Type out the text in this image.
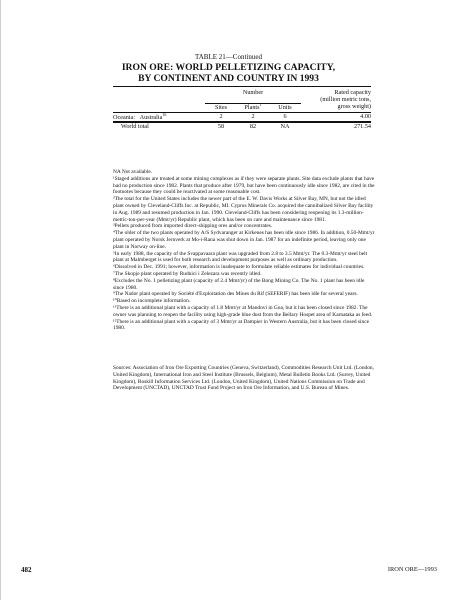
TABLE 21—Continued
IRON ORE: WORLD PELLETIZING CAPACITY,
BY CONTINENT AND COUNTRY IN 1993
	Number			Rated capacity

				(million metric tons,
	Sites	Plants$^1$	Units	gross weight)
Oceania: Australia$^{16}$	2	2	6	4.00
World total	58	82	NA	271.54

NA Not available.

¹Staged additions are treated at some mining complexes as if they were separate plants. Site data exclude plants that have had no production since 1982. Plants that produce after 1979, but have been continuously idle since 1982, are cited in the footnotes because they could be reactivated at some reasonable cost.

²The total for the United States includes the newer part of the E. W. Davis Works at Silver Bay, MN, but not the idled plant owned by Cleveland-Cliffs Inc. at Republic, MI. Cyprus Minerals Co. acquired the cannibalized Silver Bay facility in Aug. 1989 and resumed production in Jan. 1990. Cleveland-Cliffs has been considering reopening its 1.3-million-metric-ton-per-year (Mmt/yr) Republic plant, which has been on care and maintenance since 1981.

³Pellets produced from imported direct-shipping ores and/or concentrates.

⁴The older of the two plants operated by A/S Sydvaranger at Kirkenes has been idle since 1986. In addition, 0.50-Mmt/yr plant operated by Norsk Jernverk at Mo-i-Rana was shut down in Jan. 1987 for an indefinite period, leaving only one plant in Norway on-line.

⁵In early 1988, the capacity of the Svappavaara plant was upgraded from 2.8 to 3.5 Mmt/yr. The 0.3-Mmt/yr steel belt plant at Malmberget is used for both research and development purposes as well as ordinary production.

⁶Dissolved in Dec. 1991; however, information is inadequate to formulate reliable estimates for individual countries.

⁷The Skopje plant operated by Rudnici i Zelezara was recently idled.

⁸Excludes the No. 1 pelletizing plant (capacity of 2.4 Mmt/yr) of the Bong Mining Co. The No. 1 plant has been idle since 1980.

⁹The Nador plant operated by Société d'Exploitation des Mines du Rif (SEFERIF) has been idle for several years.

¹⁰Based on incomplete information.

¹¹There is an additional plant with a capacity of 1.8 Mmt/yr at Mandovi in Goa, but it has been closed since 1982. The owner was planning to reopen the facility using high-grade blue dust from the Bellary Hospet area of Karnataka as feed.

¹²There is an additional plant with a capacity of 3 Mmt/yr at Dampier in Western Australia, but it has been closed since 1980.

Sources: Association of Iron Ore Exporting Countries (Geneva, Switzerland), Commodities Research Unit Ltd. (London, United Kingdom), International Iron and Steel Institute (Brussels, Belgium), Metal Bulletin Books Ltd. (Surrey, United Kingdom), Roskill Information Services Ltd. (London, United Kingdom), United Nations Commission on Trade and Development (UNCTAD), UNCTAD Trust Fund Project on Iron Ore Information, and U.S. Bureau of Mines.
482	IRON ORE—1993
